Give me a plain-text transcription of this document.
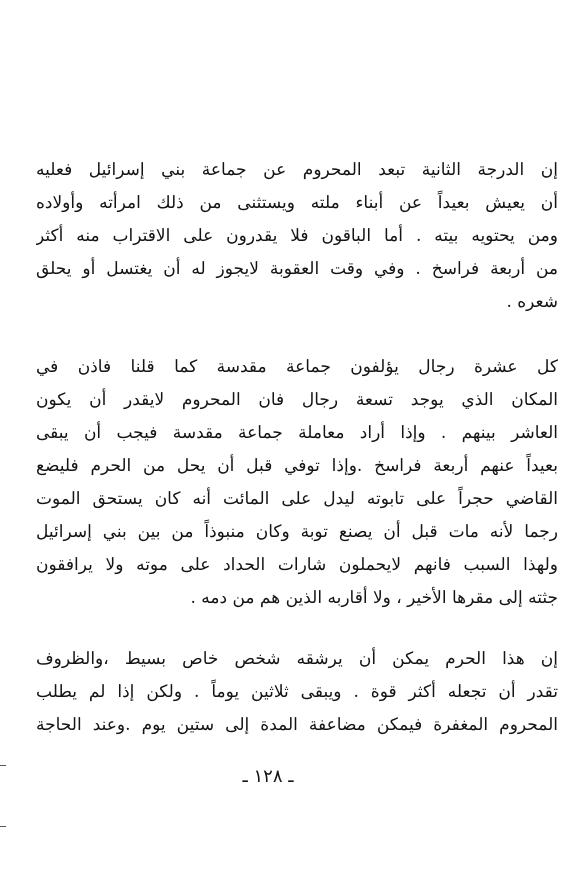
إن الدرجة الثانية تبعد المحروم عن جماعة بني إسرائيل فعليه
أن يعيش بعيداً عن أبناء ملته ويستثنى من ذلك امرأته وأولاده
ومن يحتويه بيته . أما الباقون فلا يقدرون على الاقتراب منه أكثر
من أربعة فراسخ . وفي وقت العقوبة لايجوز له أن يغتسل أو يحلق
شعره .

كل عشرة رجال يؤلفون جماعة مقدسة كما قلنا فاذن في
المكان الذي يوجد تسعة رجال فان المحروم لايقدر أن يكون
العاشر بينهم . وإذا أراد معاملة جماعة مقدسة فيجب أن يبقى
بعيداً عنهم أربعة فراسخ .وإذا توفي قبل أن يحل من الحرم فليضع
القاضي حجراً على تابوته ليدل على المائت أنه كان يستحق الموت
رجما لأنه مات قبل أن يصنع توبة وكان منبوذاً من بين بني إسرائيل
ولهذا السبب فانهم لايحملون شارات الحداد على موته ولا يرافقون
جثته إلى مقرها الأخير ، ولا أقاربه الذين هم من دمه .

إن هذا الحرم يمكن أن يرشقه شخص خاص بسيط ،والظروف
تقدر أن تجعله أكثر قوة . ويبقى ثلاثين يوماً . ولكن إذا لم يطلب
المحروم المغفرة فيمكن مضاعفة المدة إلى ستين يوم .وعند الحاجة

ـ ١٢٨ ـ
